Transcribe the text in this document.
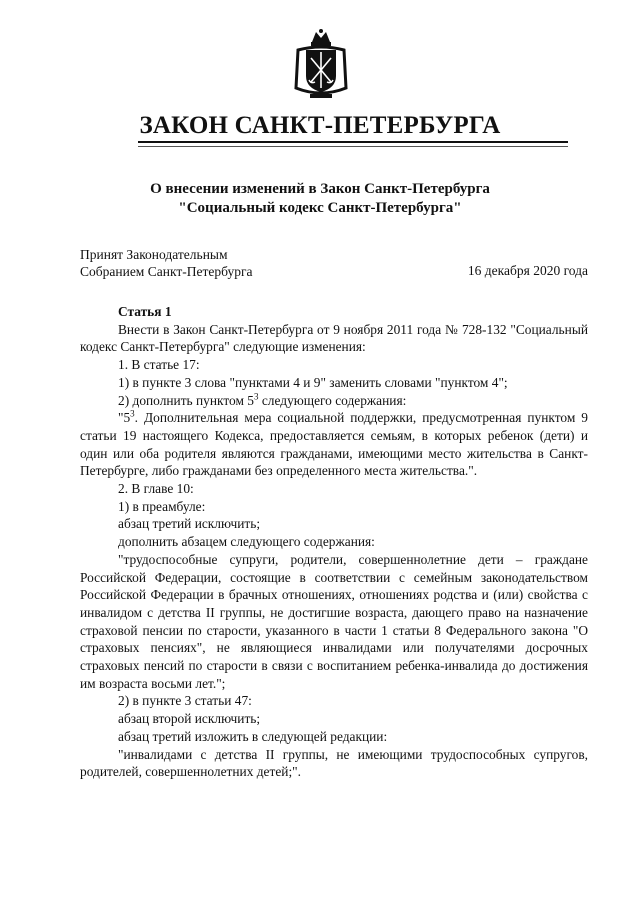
ЗАКОН САНКТ-ПЕТЕРБУРГА
О внесении изменений в Закон Санкт-Петербурга
"Социальный кодекс Санкт-Петербурга"
Принят Законодательным
Собранием Санкт-Петербурга	16 декабря 2020 года

Статья 1

Внести в Закон Санкт-Петербурга от 9 ноября 2011 года № 728-132 "Социальный кодекс Санкт-Петербурга" следующие изменения:

1. В статье 17:

1) в пункте 3 слова "пунктами 4 и 9" заменить словами "пунктом 4";

2) дополнить пунктом $5^3$ следующего содержания:

"$5^3$. Дополнительная мера социальной поддержки, предусмотренная пунктом 9 статьи 19 настоящего Кодекса, предоставляется семьям, в которых ребенок (дети) и один или оба родителя являются гражданами, имеющими место жительства в Санкт-Петербурге, либо гражданами без определенного места жительства.".

2. В главе 10:

1) в преамбуле:

абзац третий исключить;

дополнить абзацем следующего содержания:

"трудоспособные супруги, родители, совершеннолетние дети – граждане Российской Федерации, состоящие в соответствии с семейным законодательством Российской Федерации в брачных отношениях, отношениях родства и (или) свойства с инвалидом с детства II группы, не достигшие возраста, дающего право на назначение страховой пенсии по старости, указанного в части 1 статьи 8 Федерального закона "О страховых пенсиях", не являющиеся инвалидами или получателями досрочных страховых пенсий по старости в связи с воспитанием ребенка-инвалида до достижения им возраста восьми лет.";

2) в пункте 3 статьи 47:

абзац второй исключить;

абзац третий изложить в следующей редакции:

"инвалидами с детства II группы, не имеющими трудоспособных супругов, родителей, совершеннолетних детей;".
